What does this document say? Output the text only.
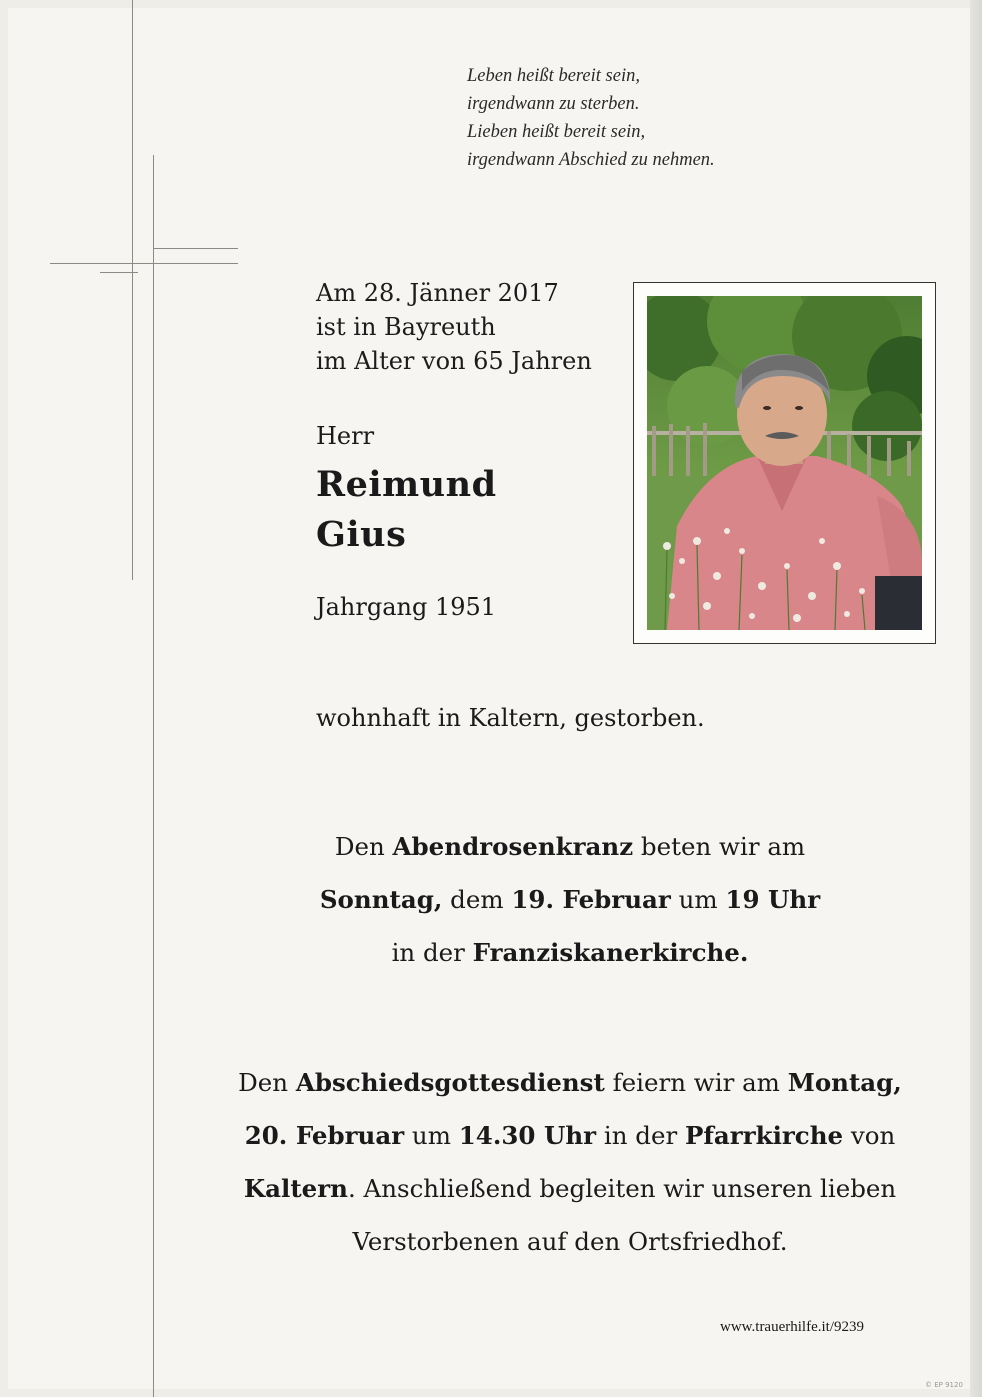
Leben heißt bereit sein,
irgendwann zu sterben.
Lieben heißt bereit sein,
irgendwann Abschied zu nehmen.
Am 28. Jänner 2017
ist in Bayreuth
im Alter von 65 Jahren
Herr
Reimund
Gius
Jahrgang 1951
wohnhaft in Kaltern, gestorben.
Den Abendrosenkranz beten wir am
Sonntag, dem 19. Februar um 19 Uhr
in der Franziskanerkirche.
Den Abschiedsgottesdienst feiern wir am Montag,
20. Februar um 14.30 Uhr in der Pfarrkirche von
Kaltern. Anschließend begleiten wir unseren lieben
Verstorbenen auf den Ortsfriedhof.
www.trauerhilfe.it/9239
© EP 9120
